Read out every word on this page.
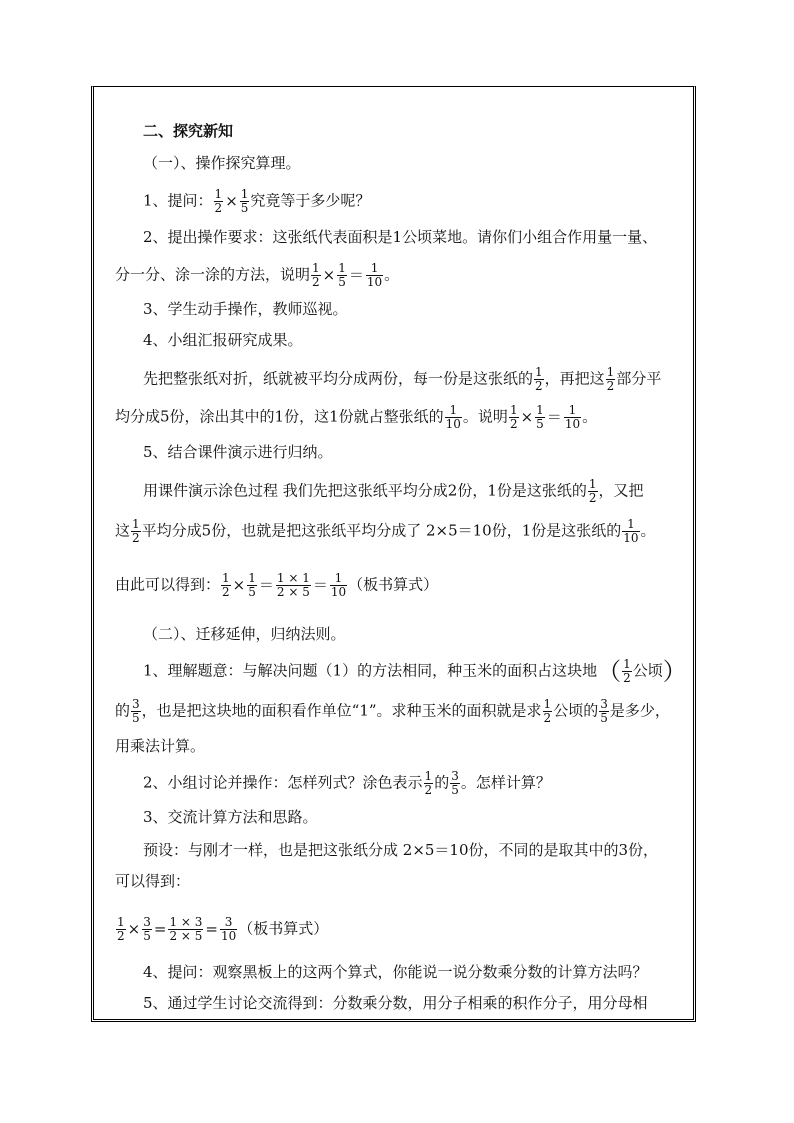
二、探究新知
（一）、操作探究算理。
1、提问： $\frac{1}{2} \times \frac{1}{5}$ 究竟等于多少呢？
2、提出操作要求：这张纸代表面积是1公顷菜地。请你们小组合作用量一量、
分一分、涂一涂的方法，说明 $\frac{1}{2} \times \frac{1}{5} = \frac{1}{10}$ 。
3、学生动手操作，教师巡视。
4、小组汇报研究成果。
先把整张纸对折，纸就被平均分成两份，每一份是这张纸的 $\frac{1}{2}$ ，再把这 $\frac{1}{2}$ 部分平
均分成5份，涂出其中的1份，这1份就占整张纸的 $\frac{1}{10}$ 。说明 $\frac{1}{2} \times \frac{1}{5} = \frac{1}{10}$ 。
5、结合课件演示进行归纳。
用课件演示涂色过程 我们先把这张纸平均分成2份，1份是这张纸的 $\frac{1}{2}$ ，又把
这 $\frac{1}{2}$ 平均分成5份，也就是把这张纸平均分成了 2×5＝10份，1份是这张纸的 $\frac{1}{10}$ 。
由此可以得到： $\frac{1}{2} \times \frac{1}{5} = \frac{1 \times 1}{2 \times 5} = \frac{1}{10}$ （板书算式）
（二）、迁移延伸，归纳法则。
1、理解题意：与解决问题（1）的方法相同，种玉米的面积占这块地（ $\frac{1}{2}$ 公顷）
的 $\frac{3}{5}$ ，也是把这块地的面积看作单位“1”。求种玉米的面积就是求 $\frac{1}{2}$ 公顷的 $\frac{3}{5}$ 是多少，
用乘法计算。
2、小组讨论并操作：怎样列式？涂色表示 $\frac{1}{2}$ 的 $\frac{3}{5}$ 。怎样计算？
3、交流计算方法和思路。
预设：与刚才一样，也是把这张纸分成 2×5＝10份，不同的是取其中的3份，
可以得到：
$\frac{1}{2} \times \frac{3}{5} = \frac{1 \times 3}{2 \times 5} = \frac{3}{10}$ （板书算式）
4、提问：观察黑板上的这两个算式，你能说一说分数乘分数的计算方法吗？
5、通过学生讨论交流得到：分数乘分数，用分子相乘的积作分子，用分母相
